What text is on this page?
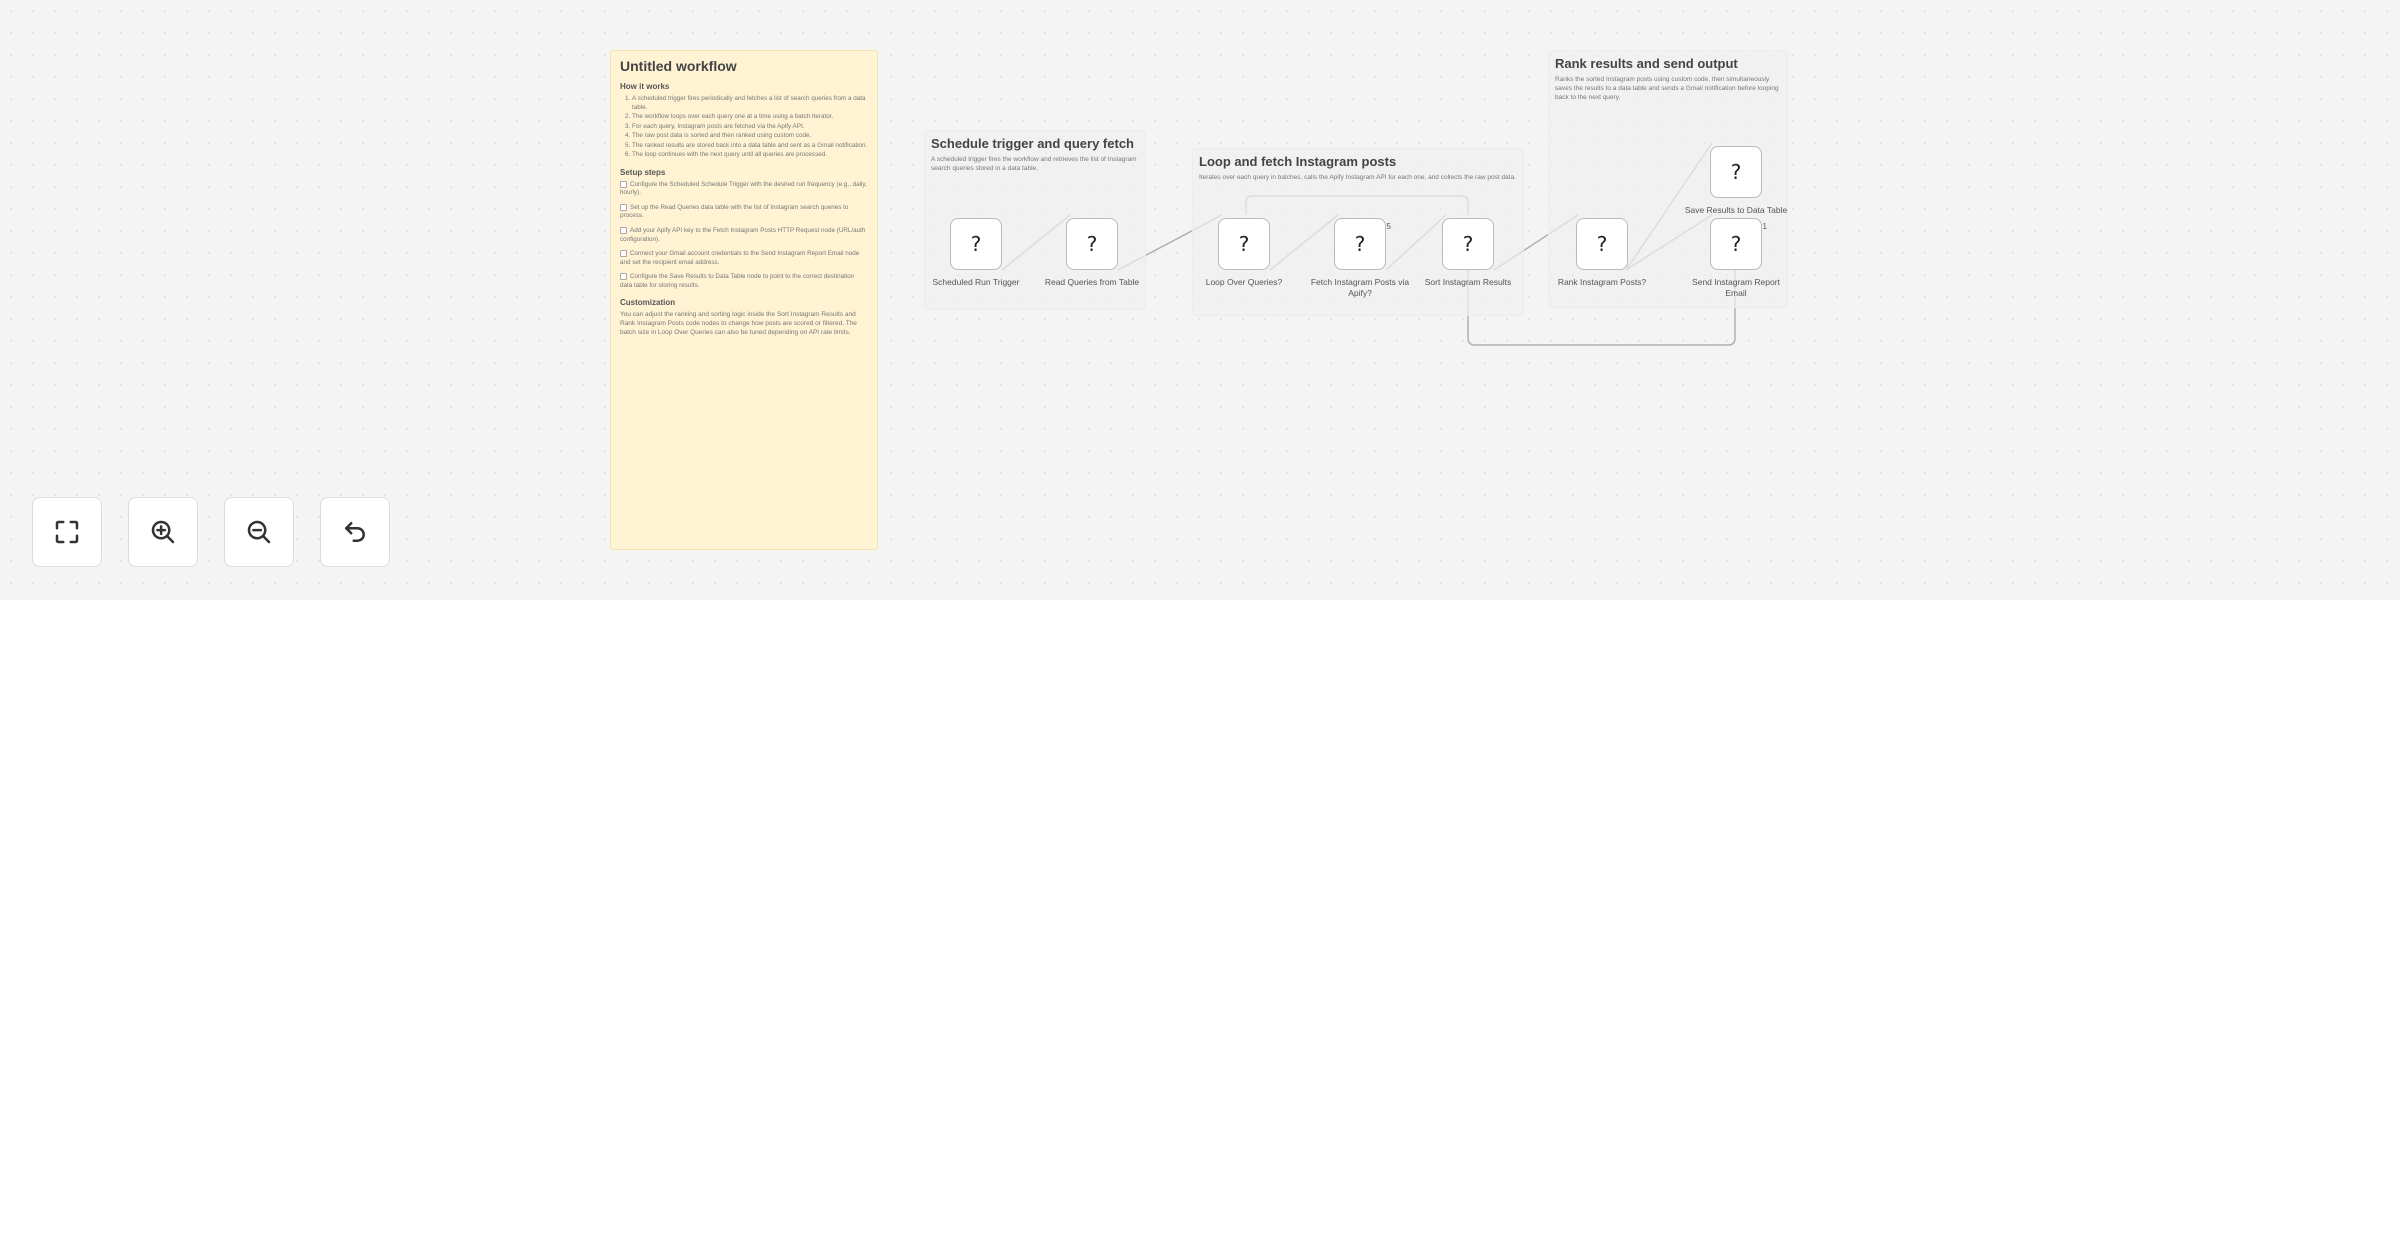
Untitled workflow
How it works
1. A scheduled trigger fires periodically and fetches a list of search queries from a data table.
2. The workflow loops over each query one at a time using a batch Iterator.
3. For each query, Instagram posts are fetched via the Apify API.
4. The raw post data is sorted and then ranked using custom code.
5. The ranked results are stored back into a data table and sent as a Gmail notification.
6. The loop continues with the next query until all queries are processed.
Setup steps
Configure the Scheduled Schedule Trigger with the desired run frequency (e.g., daily, hourly).
Set up the Read Queries data table with the list of Instagram search queries to process.
Add your Apify API key to the Fetch Instagram Posts HTTP Request node (URL/auth configuration).
Connect your Gmail account credentials to the Send Instagram Report Email node and set the recipient email address.
Configure the Save Results to Data Table node to point to the correct destination data table for storing results.
Customization

You can adjust the ranking and sorting logic inside the Sort Instagram Results and Rank Instagram Posts code nodes to change how posts are scored or filtered. The batch size in Loop Over Queries can also be tuned depending on API rate limits.

Schedule trigger and query fetch

A scheduled trigger fires the workflow and retrieves the list of Instagram search queries stored in a data table.	Loop and fetch Instagram posts

Iterates over each query in batches, calls the Apify Instagram API for each one, and collects the raw post data.

Rank results and send output

Ranks the sorted Instagram posts using custom code, then simultaneously saves the results to a data table and sends a Gmail notification before looping back to the next query.

?
Scheduled Run Trigger
?
Read Queries from Table
?
Loop Over Queries?
?
5
Fetch Instagram Posts via Apify?
?
Sort Instagram Results
?
Rank Instagram Posts?
?
Save Results to Data Table
?
1
Send Instagram Report Email
